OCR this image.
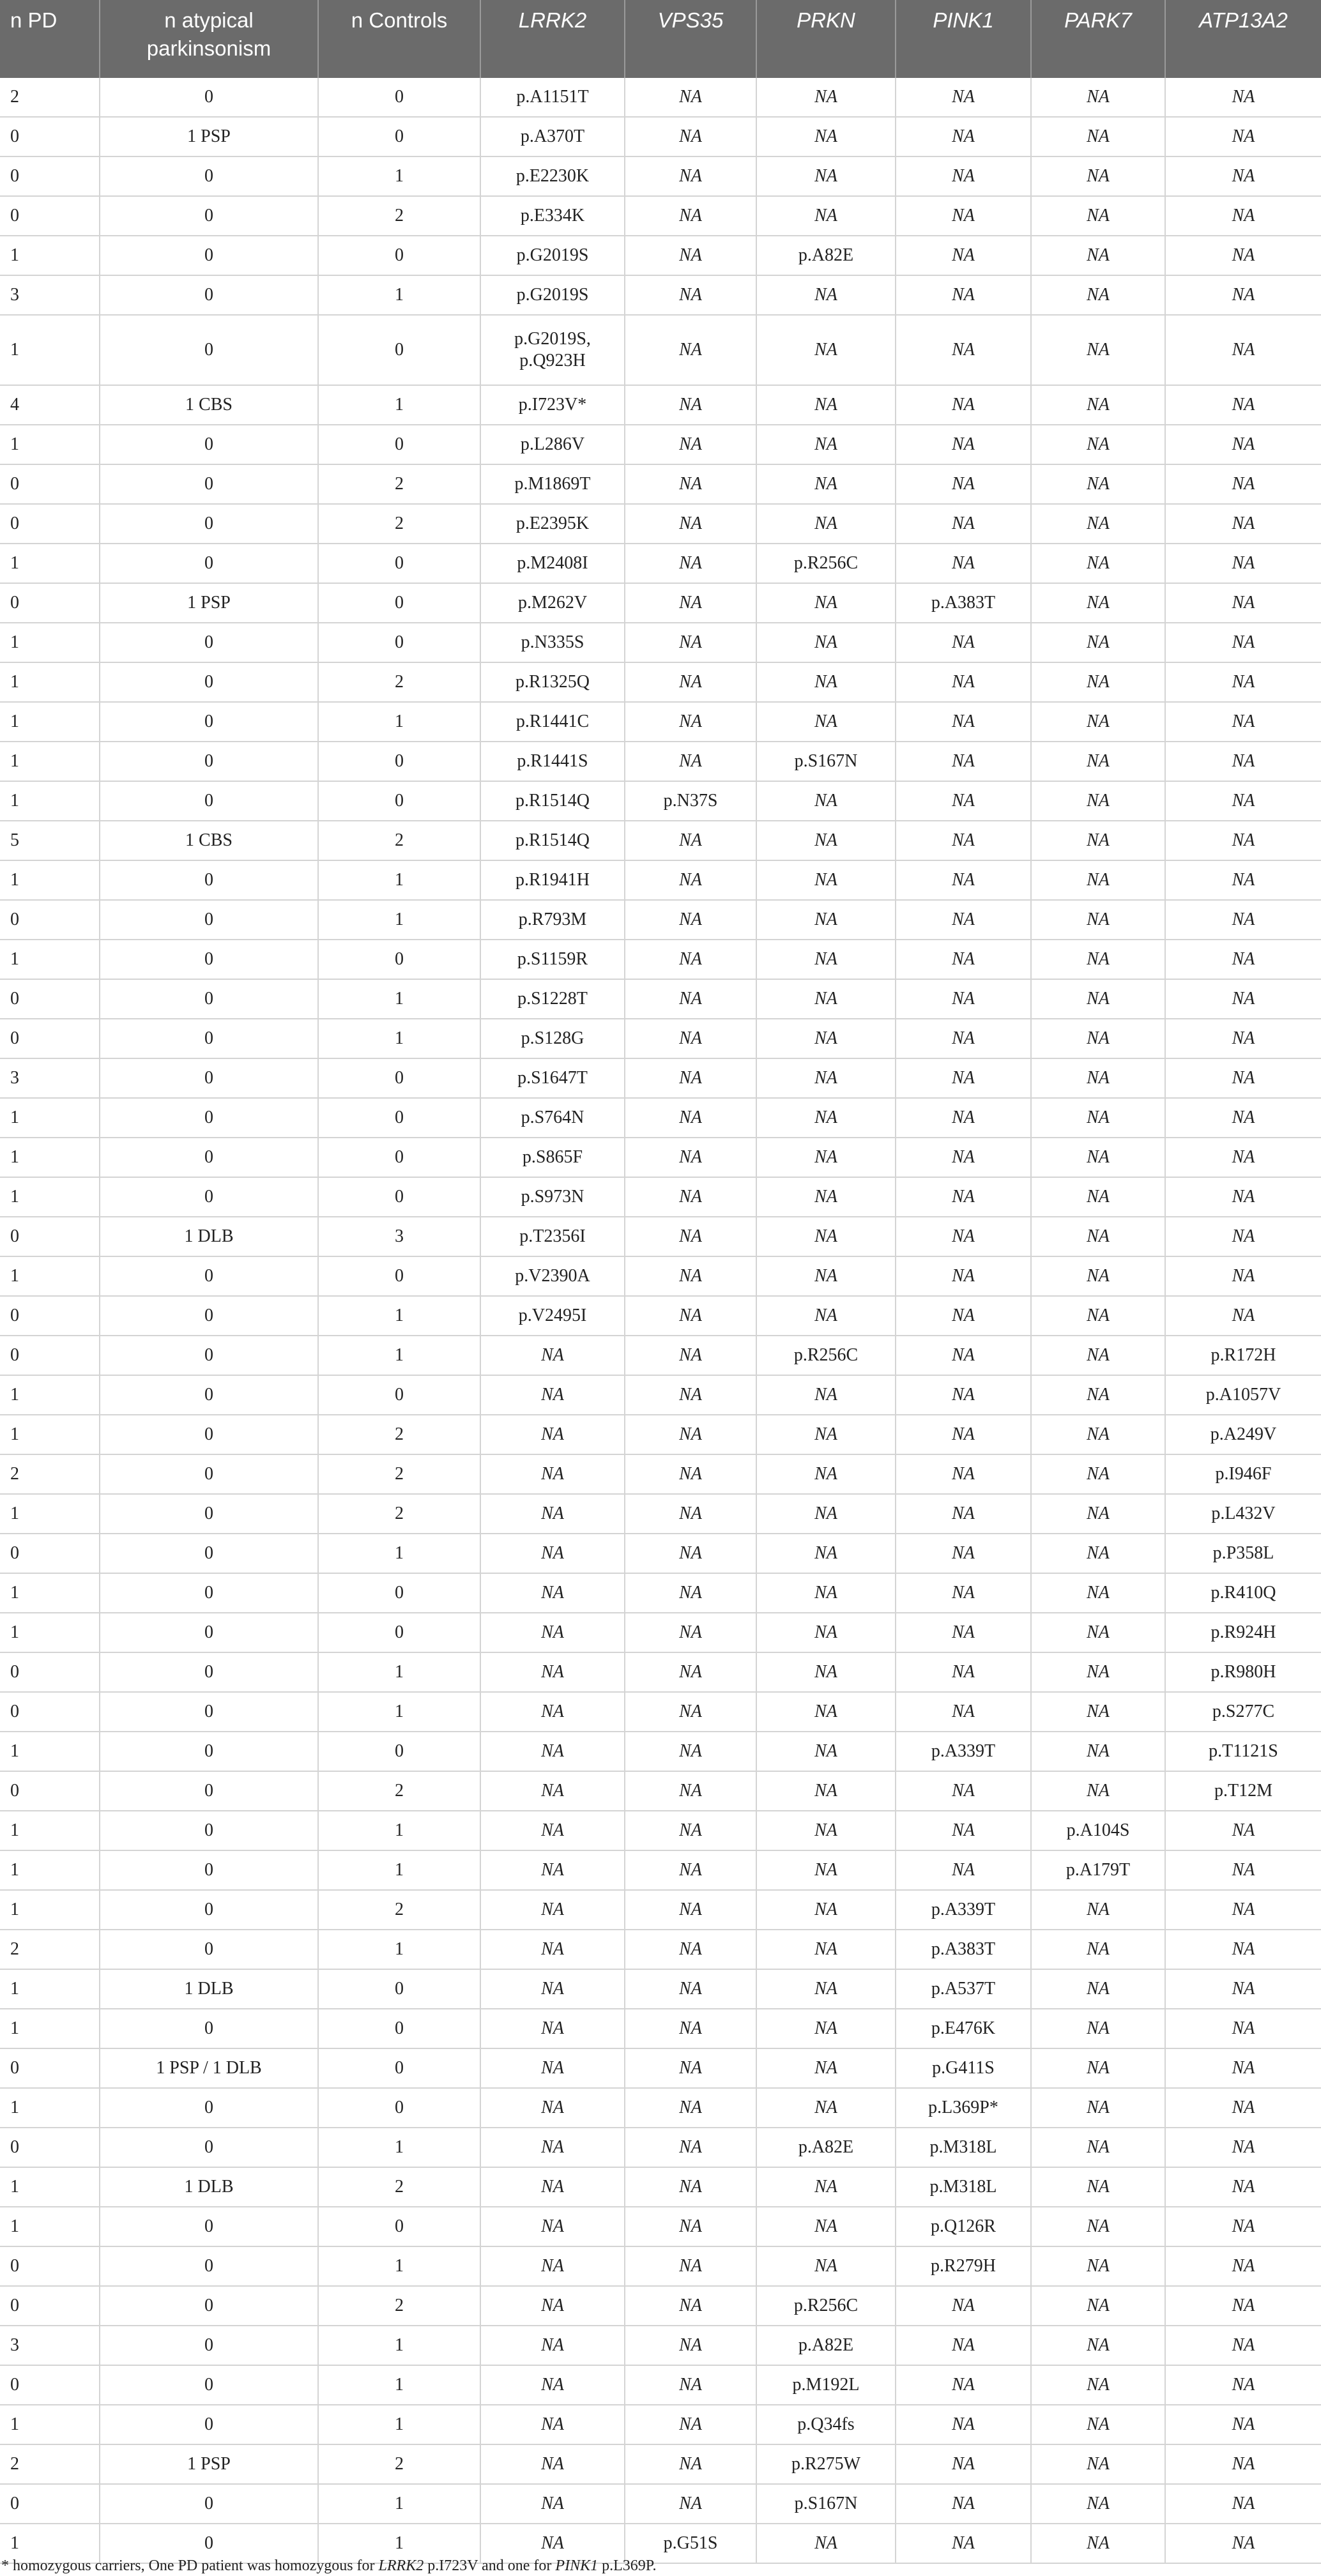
n PD	n atypical parkinsonism	n Controls	LRRK2	VPS35	PRKN	PINK1	PARK7	ATP13A2
2	0	0	p.A1151T	NA	NA	NA	NA	NA
0	1 PSP	0	p.A370T	NA	NA	NA	NA	NA
0	0	1	p.E2230K	NA	NA	NA	NA	NA
0	0	2	p.E334K	NA	NA	NA	NA	NA
1	0	0	p.G2019S	NA	p.A82E	NA	NA	NA
3	0	1	p.G2019S	NA	NA	NA	NA	NA
1	0	0	p.G2019S, p.Q923H	NA	NA	NA	NA	NA
4	1 CBS	1	p.I723V*	NA	NA	NA	NA	NA
1	0	0	p.L286V	NA	NA	NA	NA	NA
0	0	2	p.M1869T	NA	NA	NA	NA	NA
0	0	2	p.E2395K	NA	NA	NA	NA	NA
1	0	0	p.M2408I	NA	p.R256C	NA	NA	NA
0	1 PSP	0	p.M262V	NA	NA	p.A383T	NA	NA
1	0	0	p.N335S	NA	NA	NA	NA	NA
1	0	2	p.R1325Q	NA	NA	NA	NA	NA
1	0	1	p.R1441C	NA	NA	NA	NA	NA
1	0	0	p.R1441S	NA	p.S167N	NA	NA	NA
1	0	0	p.R1514Q	p.N37S	NA	NA	NA	NA
5	1 CBS	2	p.R1514Q	NA	NA	NA	NA	NA
1	0	1	p.R1941H	NA	NA	NA	NA	NA
0	0	1	p.R793M	NA	NA	NA	NA	NA
1	0	0	p.S1159R	NA	NA	NA	NA	NA
0	0	1	p.S1228T	NA	NA	NA	NA	NA
0	0	1	p.S128G	NA	NA	NA	NA	NA
3	0	0	p.S1647T	NA	NA	NA	NA	NA
1	0	0	p.S764N	NA	NA	NA	NA	NA
1	0	0	p.S865F	NA	NA	NA	NA	NA
1	0	0	p.S973N	NA	NA	NA	NA	NA
0	1 DLB	3	p.T2356I	NA	NA	NA	NA	NA
1	0	0	p.V2390A	NA	NA	NA	NA	NA
0	0	1	p.V2495I	NA	NA	NA	NA	NA
0	0	1	NA	NA	p.R256C	NA	NA	p.R172H
1	0	0	NA	NA	NA	NA	NA	p.A1057V
1	0	2	NA	NA	NA	NA	NA	p.A249V
2	0	2	NA	NA	NA	NA	NA	p.I946F
1	0	2	NA	NA	NA	NA	NA	p.L432V
0	0	1	NA	NA	NA	NA	NA	p.P358L
1	0	0	NA	NA	NA	NA	NA	p.R410Q
1	0	0	NA	NA	NA	NA	NA	p.R924H
0	0	1	NA	NA	NA	NA	NA	p.R980H
0	0	1	NA	NA	NA	NA	NA	p.S277C
1	0	0	NA	NA	NA	p.A339T	NA	p.T1121S
0	0	2	NA	NA	NA	NA	NA	p.T12M
1	0	1	NA	NA	NA	NA	p.A104S	NA
1	0	1	NA	NA	NA	NA	p.A179T	NA
1	0	2	NA	NA	NA	p.A339T	NA	NA
2	0	1	NA	NA	NA	p.A383T	NA	NA
1	1 DLB	0	NA	NA	NA	p.A537T	NA	NA
1	0	0	NA	NA	NA	p.E476K	NA	NA
0	1 PSP / 1 DLB	0	NA	NA	NA	p.G411S	NA	NA
1	0	0	NA	NA	NA	p.L369P*	NA	NA
0	0	1	NA	NA	p.A82E	p.M318L	NA	NA
1	1 DLB	2	NA	NA	NA	p.M318L	NA	NA
1	0	0	NA	NA	NA	p.Q126R	NA	NA
0	0	1	NA	NA	NA	p.R279H	NA	NA
0	0	2	NA	NA	p.R256C	NA	NA	NA
3	0	1	NA	NA	p.A82E	NA	NA	NA
0	0	1	NA	NA	p.M192L	NA	NA	NA
1	0	1	NA	NA	p.Q34fs	NA	NA	NA
2	1 PSP	2	NA	NA	p.R275W	NA	NA	NA
0	0	1	NA	NA	p.S167N	NA	NA	NA
1	0	1	NA	p.G51S	NA	NA	NA	NA
* homozygous carriers, One PD patient was homozygous for LRRK2 p.I723V and one for PINK1 p.L369P.
